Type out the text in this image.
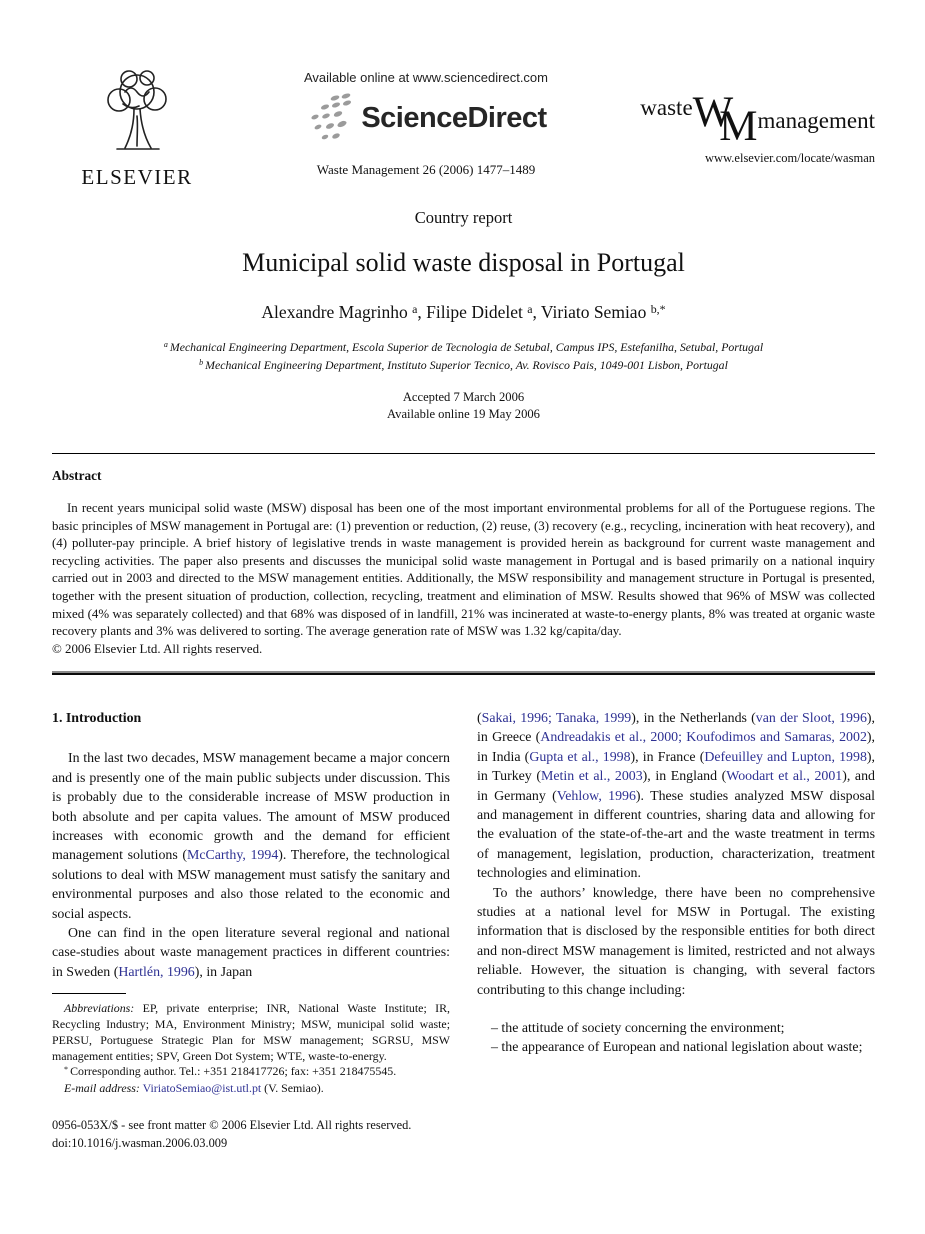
ELSEVIER
Available online at www.sciencedirect.com
ScienceDirect
Waste Management 26 (2006) 1477–1489
wasteWMmanagement
www.elsevier.com/locate/wasman
Country report
Municipal solid waste disposal in Portugal
Alexandre Magrinho $^a$, Filipe Didelet $^a$, Viriato Semiao $^{b,*}$
$^a$ Mechanical Engineering Department, Escola Superior de Tecnologia de Setubal, Campus IPS, Estefanilha, Setubal, Portugal
$^b$ Mechanical Engineering Department, Instituto Superior Tecnico, Av. Rovisco Pais, 1049-001 Lisbon, Portugal
Accepted 7 March 2006
Available online 19 May 2006
Abstract

In recent years municipal solid waste (MSW) disposal has been one of the most important environmental problems for all of the Portuguese regions. The basic principles of MSW management in Portugal are: (1) prevention or reduction, (2) reuse, (3) recovery (e.g., recycling, incineration with heat recovery), and (4) polluter-pay principle. A brief history of legislative trends in waste management is provided herein as background for current waste management and recycling activities. The paper also presents and discusses the municipal solid waste management in Portugal and is based primarily on a national inquiry carried out in 2003 and directed to the MSW management entities. Additionally, the MSW responsibility and management structure in Portugal is presented, together with the present situation of production, collection, recycling, treatment and elimination of MSW. Results showed that 96% of MSW was collected mixed (4% was separately collected) and that 68% was disposed of in landfill, 21% was incinerated at waste-to-energy plants, 8% was treated at organic waste recovery plants and 3% was delivered to sorting. The average generation rate of MSW was 1.32 kg/capita/day.

© 2006 Elsevier Ltd. All rights reserved.

1. Introduction

In the last two decades, MSW management became a major concern and is presently one of the main public subjects under discussion. This is probably due to the considerable increase of MSW production in both absolute and per capita values. The amount of MSW produced increases with economic growth and the demand for efficient management solutions (McCarthy, 1994). Therefore, the technological solutions to deal with MSW management must satisfy the sanitary and environmental purposes and also those related to the economic and social aspects.

One can find in the open literature several regional and national case-studies about waste management practices in different countries: in Sweden (Hartlén, 1996), in Japan

Abbreviations: EP, private enterprise; INR, National Waste Institute; IR, Recycling Industry; MA, Environment Ministry; MSW, municipal solid waste; PERSU, Portuguese Strategic Plan for MSW management; SGRSU, MSW management entities; SPV, Green Dot System; WTE, waste-to-energy.

* Corresponding author. Tel.: +351 218417726; fax: +351 218475545.

E-mail address: ViriatoSemiao@ist.utl.pt (V. Semiao).

0956-053X/$ - see front matter © 2006 Elsevier Ltd. All rights reserved.
doi:10.1016/j.wasman.2006.03.009

(Sakai, 1996; Tanaka, 1999), in the Netherlands (van der Sloot, 1996), in Greece (Andreadakis et al., 2000; Koufodimos and Samaras, 2002), in India (Gupta et al., 1998), in France (Defeuilley and Lupton, 1998), in Turkey (Metin et al., 2003), in England (Woodart et al., 2001), and in Germany (Vehlow, 1996). These studies analyzed MSW disposal and management in different countries, sharing data and allowing for the evaluation of the state-of-the-art and the waste treatment in terms of management, legislation, production, characterization, treatment technologies and elimination.

To the authors’ knowledge, there have been no comprehensive studies at a national level for MSW in Portugal. The existing information that is disclosed by the responsible entities for both direct and non-direct MSW management is limited, restricted and not always reliable. However, the situation is changing, with several factors contributing to this change including:

– the attitude of society concerning the environment;
– the appearance of European and national legislation about waste;
